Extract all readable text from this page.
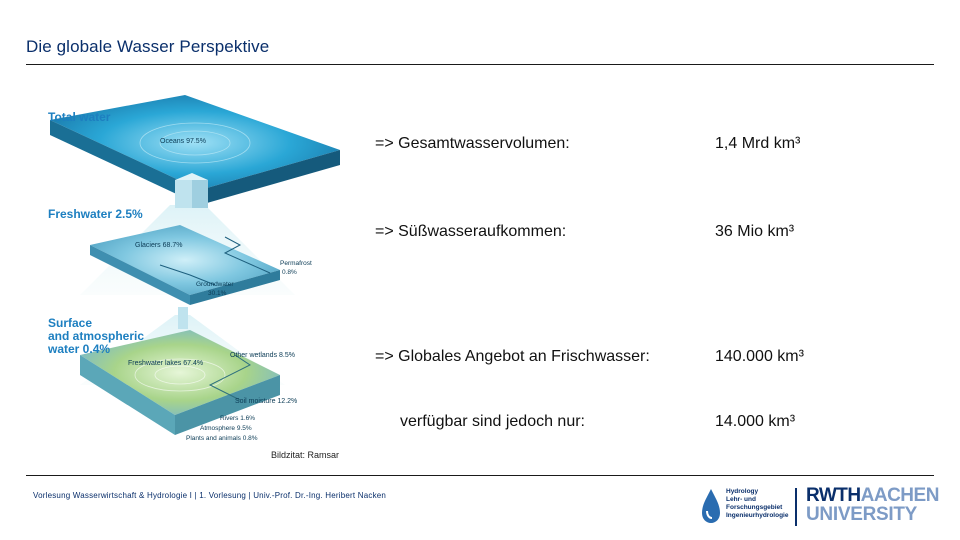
Die globale Wasser Perspektive
Total water
Oceans 97.5%
Freshwater 2.5%
Glaciers 68.7%
Permafrost
0.8%
Groundwater
30.1%
Surface
and atmospheric
water 0.4%
Freshwater lakes 67.4%
Other wetlands 8.5%
Soil moisture 12.2%
Rivers 1.6%
Atmosphere 9.5%
Plants and animals 0.8%
Bildzitat: Ramsar
=> Gesamtwasservolumen:	1,4 Mrd km³
=> Süßwasseraufkommen:	36 Mio km³
=> Globales Angebot an Frischwasser:	140.000 km³
verfügbar sind jedoch nur:	14.000 km³
Vorlesung Wasserwirtschaft & Hydrologie I | 1. Vorlesung | Univ.-Prof. Dr.-Ing. Heribert Nacken	Hydrology
Lehr- und
Forschungsgebiet
Ingenieurhydrologie
RWTHAACHEN
UNIVERSITY
